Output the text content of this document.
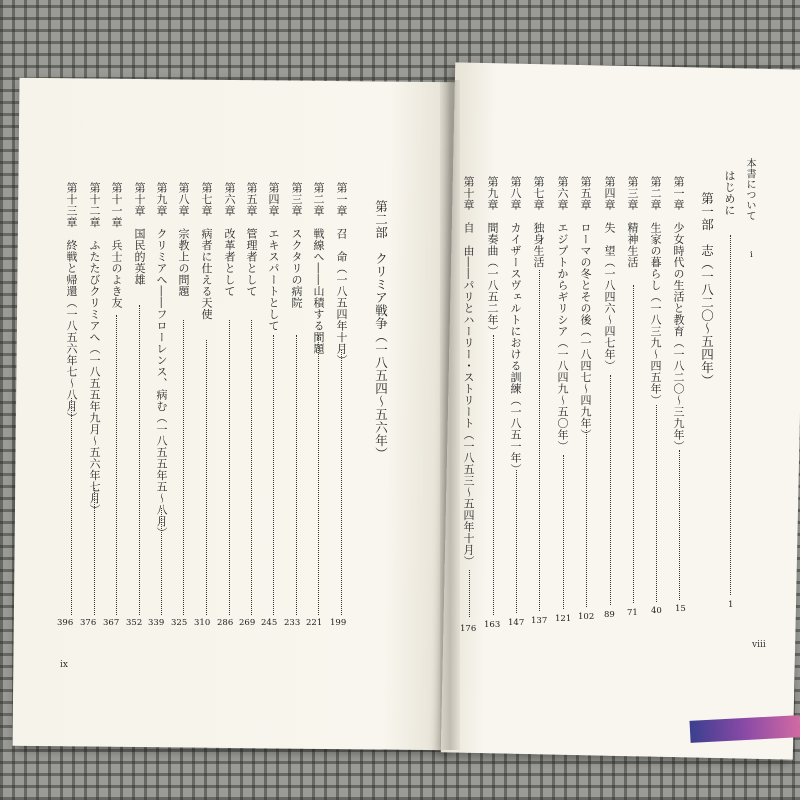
第二部　クリミア戦争（一八五四〜五六年）
第一章　召　命（一八五四年十月）
199
第二章　戦線へ――山積する問題
221
第三章　スクタリの病院
233
第四章　エキスパートとして
245
第五章　管理者として
269
第六章　改革者として
286
第七章　病者に仕える天使
310
第八章　宗教上の問題
325
第九章　クリミアへ――フローレンス、病む（一八五五年五〜八月）
339
第十章　国民的英雄
352
第十一章　兵士のよき友
367
第十二章　ふたたびクリミアへ（一八五五年九月〜五六年七月）
376
第十三章　終戦と帰還（一八五六年七〜八月）
396
ix
本書について
i
はじめに
1
第一部　志（一八二〇〜五四年）
第一章　少女時代の生活と教育（一八二〇〜三九年）
15
第二章　生家の暮らし（一八三九〜四五年）
40
第三章　精神生活
71
第四章　失　望（一八四六〜四七年）
89
第五章　ローマの冬とその後（一八四七〜四九年）
102
第六章　エジプトからギリシア（一八四九〜五〇年）
121
第七章　独身生活
137
第八章　カイザースヴェルトにおける訓練（一八五一年）
147
第九章　間奏曲（一八五二年）
163
第十章　自　由――パリとハーリー・ストリート（一八五三〜五四年十月）
176
viii
